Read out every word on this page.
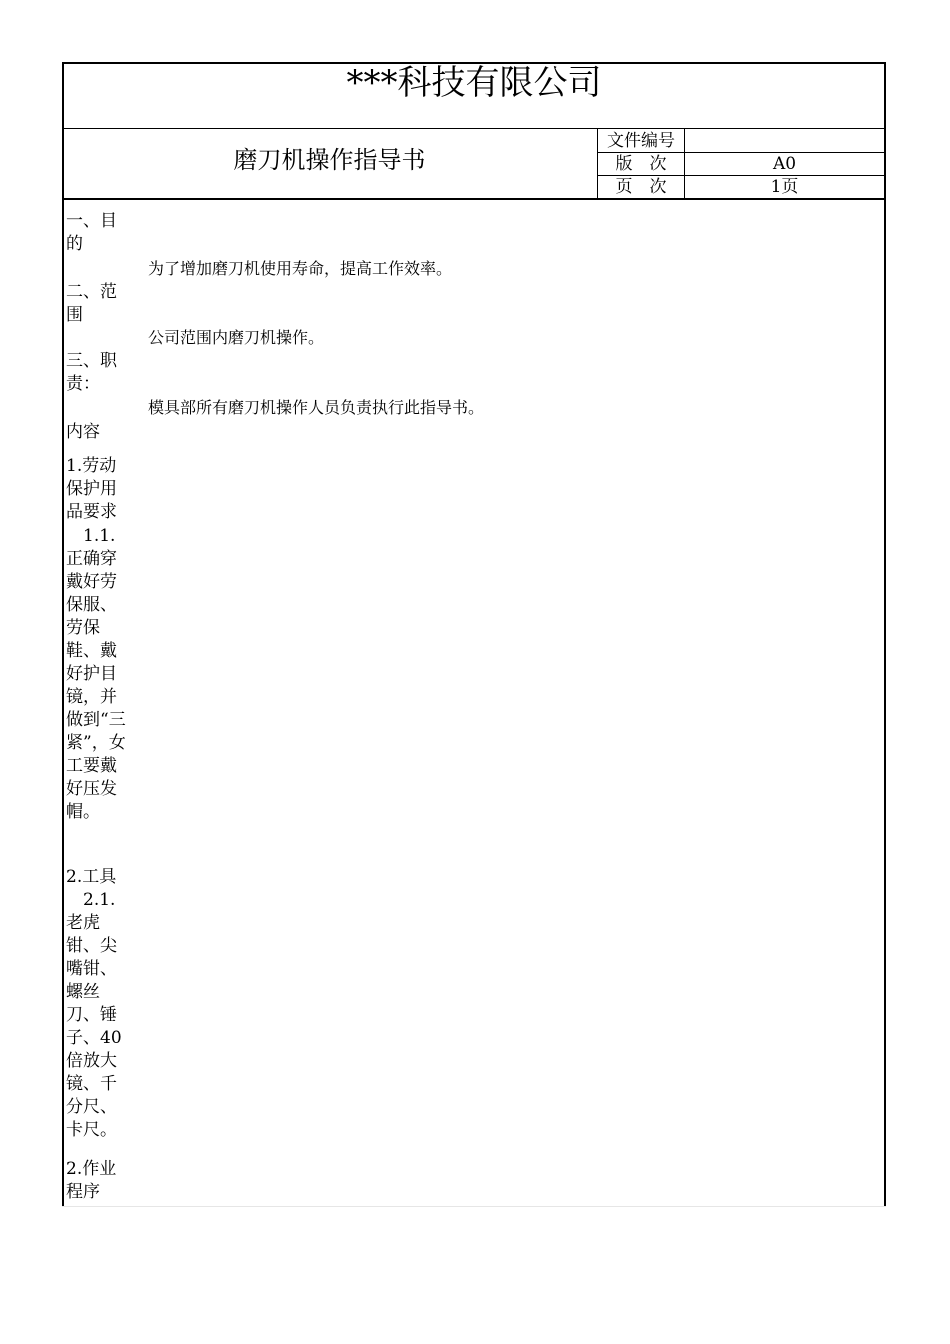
***科技有限公司
磨刀机操作指导书
文件编号
版　次	A0
页　次	1页
一、目的
二、范围
三、职责：
内容
1.劳动保护用品要求
　1.1.正确穿戴好劳保服、劳保鞋、戴好护目镜，并做到“三紧”，女工要戴好压发帽。
2.工具
　2.1.老虎钳、尖嘴钳、螺丝刀、锤子、40倍放大镜、千分尺、卡尺。
2.作业程序
为了增加磨刀机使用寿命，提高工作效率。
公司范围内磨刀机操作。
模具部所有磨刀机操作人员负责执行此指导书。
